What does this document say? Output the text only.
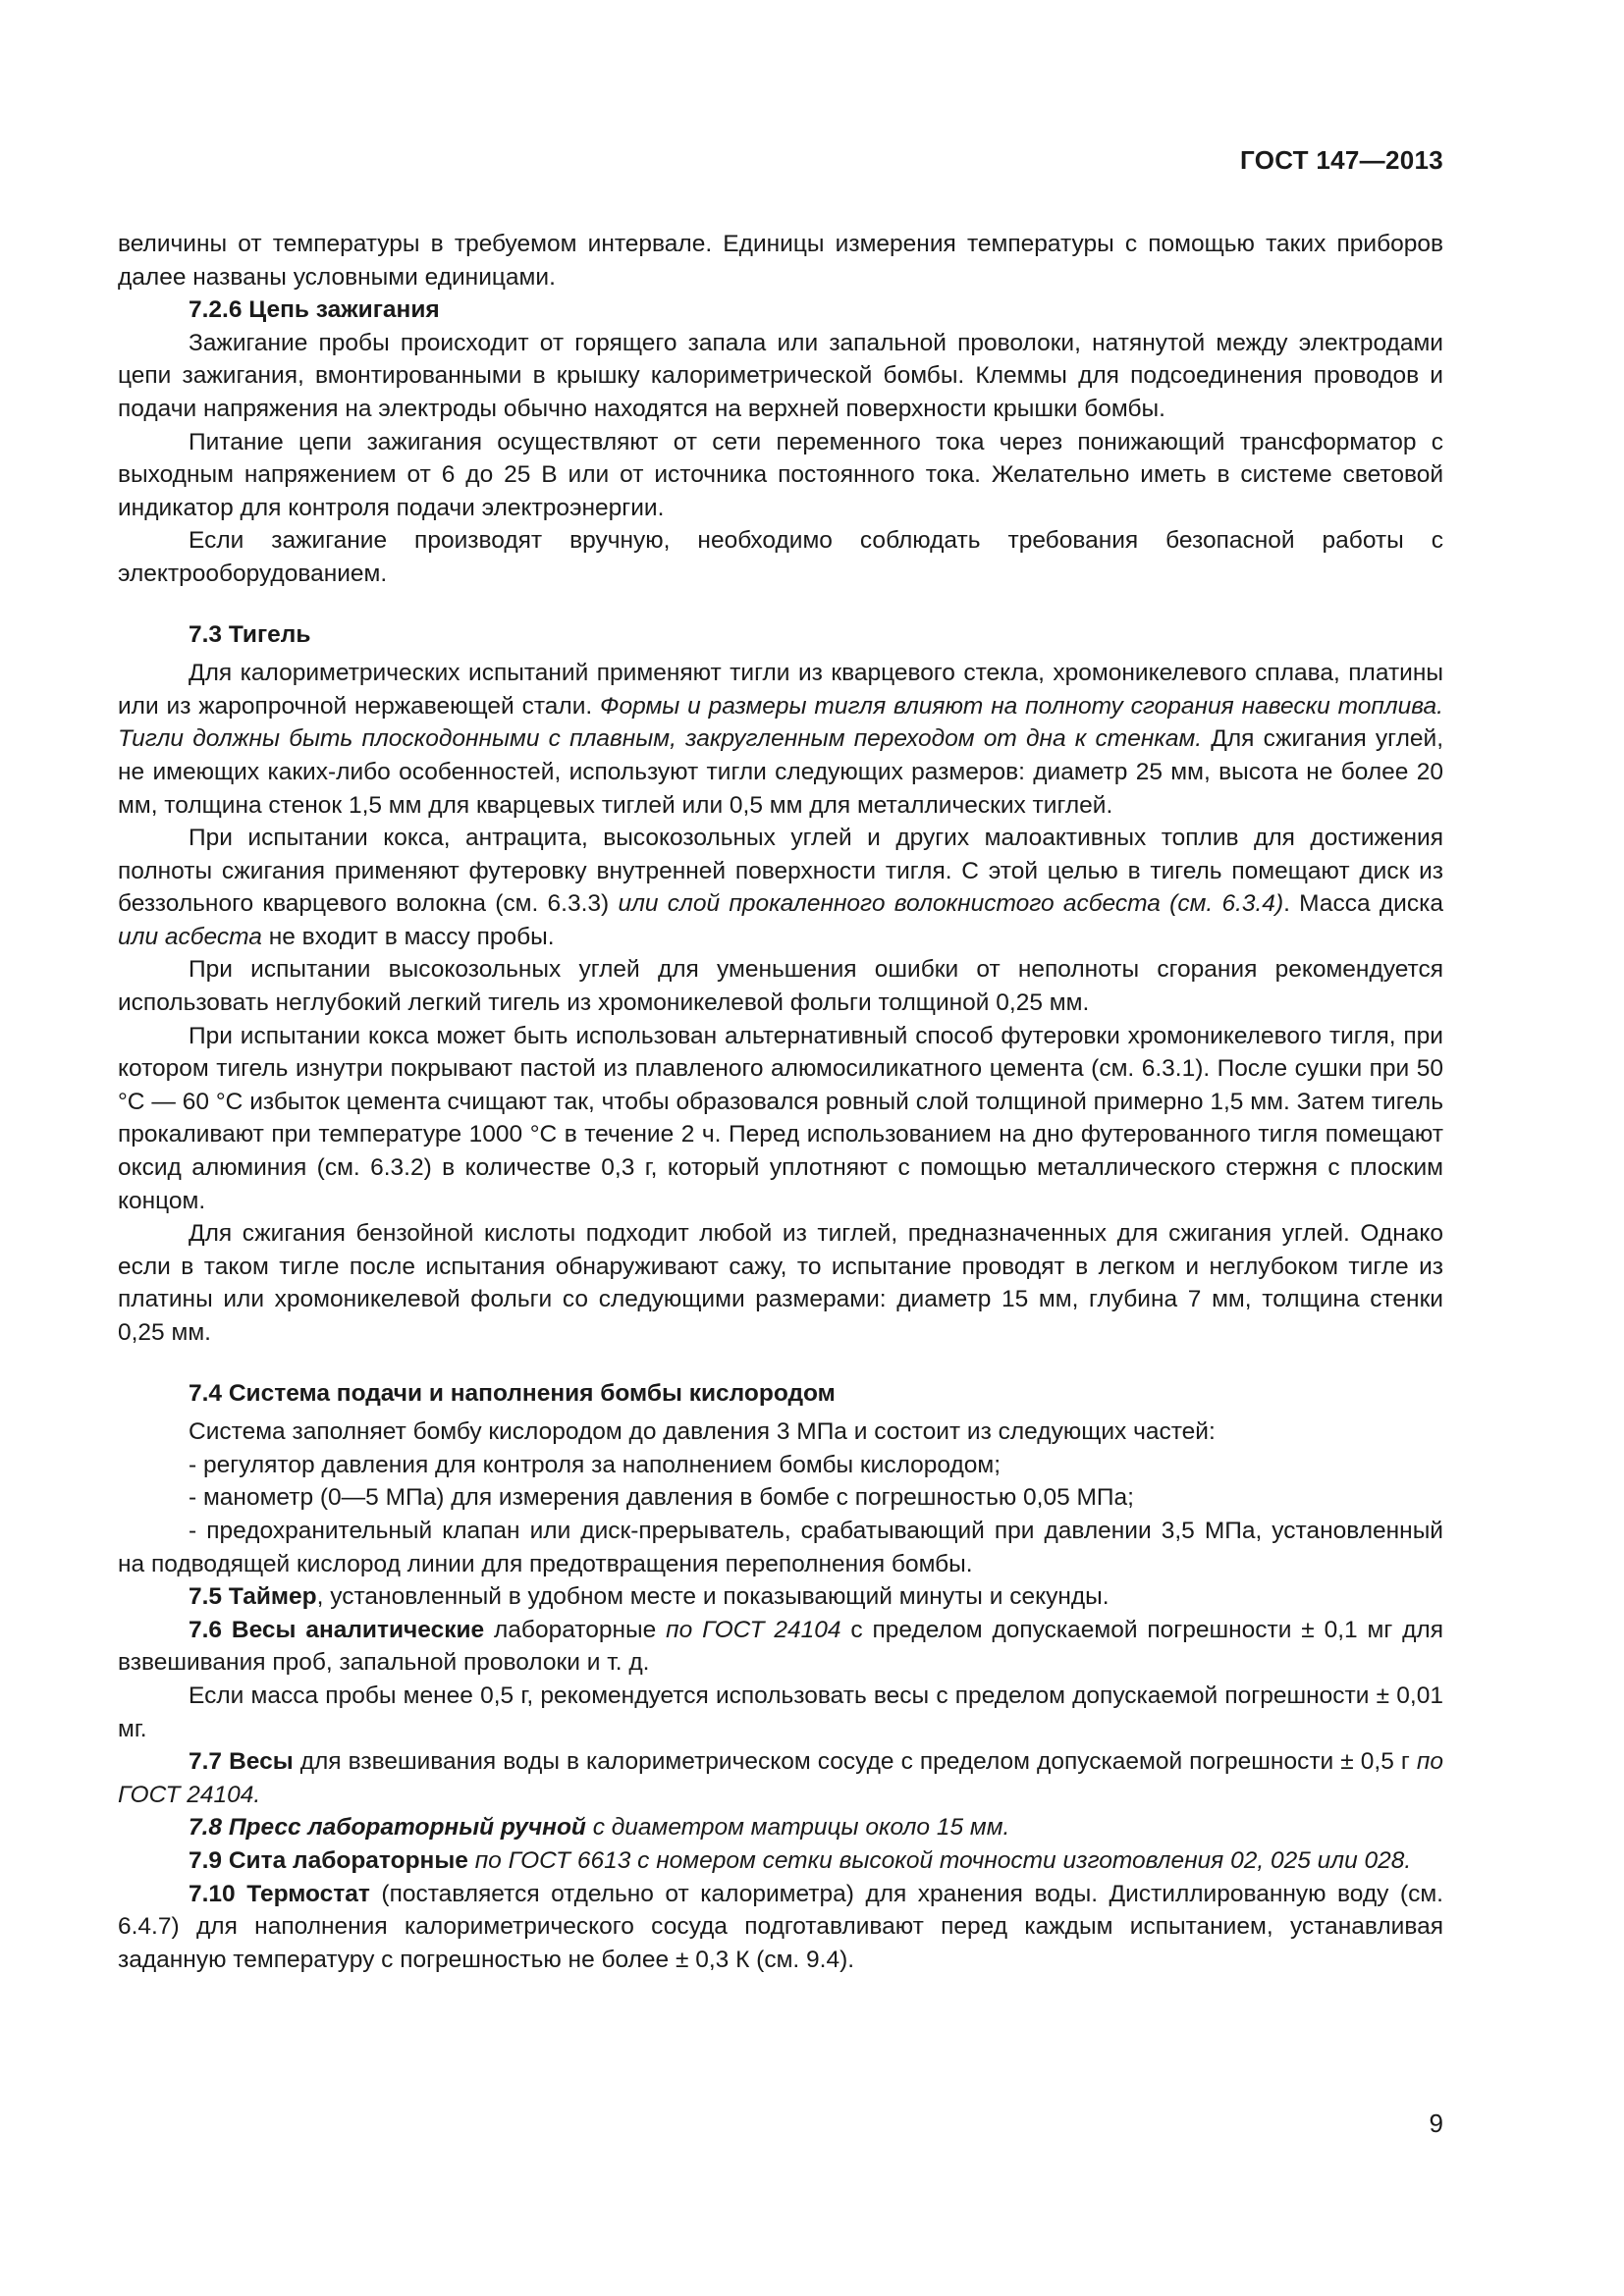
ГОСТ 147—2013

величины от температуры в требуемом интервале. Единицы измерения температуры с помощью таких приборов далее названы условными единицами.

7.2.6 Цепь зажигания

Зажигание пробы происходит от горящего запала или запальной проволоки, натянутой между электродами цепи зажигания, вмонтированными в крышку калориметрической бомбы. Клеммы для подсоединения проводов и подачи напряжения на электроды обычно находятся на верхней поверхности крышки бомбы.

Питание цепи зажигания осуществляют от сети переменного тока через понижающий трансформатор с выходным напряжением от 6 до 25 В или от источника постоянного тока. Желательно иметь в системе световой индикатор для контроля подачи электроэнергии.

Если зажигание производят вручную, необходимо соблюдать требования безопасной работы с электрооборудованием.

7.3 Тигель

Для калориметрических испытаний применяют тигли из кварцевого стекла, хромоникелевого сплава, платины или из жаропрочной нержавеющей стали. Формы и размеры тигля влияют на полноту сгорания навески топлива. Тигли должны быть плоскодонными с плавным, закругленным переходом от дна к стенкам. Для сжигания углей, не имеющих каких-либо особенностей, используют тигли следующих размеров: диаметр 25 мм, высота не более 20 мм, толщина стенок 1,5 мм для кварцевых тиглей или 0,5 мм для металлических тиглей.

При испытании кокса, антрацита, высокозольных углей и других малоактивных топлив для достижения полноты сжигания применяют футеровку внутренней поверхности тигля. С этой целью в тигель помещают диск из беззольного кварцевого волокна (см. 6.3.3) или слой прокаленного волокнистого асбеста (см. 6.3.4). Масса диска или асбеста не входит в массу пробы.

При испытании высокозольных углей для уменьшения ошибки от неполноты сгорания рекомендуется использовать неглубокий легкий тигель из хромоникелевой фольги толщиной 0,25 мм.

При испытании кокса может быть использован альтернативный способ футеровки хромоникелевого тигля, при котором тигель изнутри покрывают пастой из плавленого алюмосиликатного цемента (см. 6.3.1). После сушки при 50 °С — 60 °С избыток цемента счищают так, чтобы образовался ровный слой толщиной примерно 1,5 мм. Затем тигель прокаливают при температуре 1000 °С в течение 2 ч. Перед использованием на дно футерованного тигля помещают оксид алюминия (см. 6.3.2) в количестве 0,3 г, который уплотняют с помощью металлического стержня с плоским концом.

Для сжигания бензойной кислоты подходит любой из тиглей, предназначенных для сжигания углей. Однако если в таком тигле после испытания обнаруживают сажу, то испытание проводят в легком и неглубоком тигле из платины или хромоникелевой фольги со следующими размерами: диаметр 15 мм, глубина 7 мм, толщина стенки 0,25 мм.

7.4 Система подачи и наполнения бомбы кислородом

Система заполняет бомбу кислородом до давления 3 МПа и состоит из следующих частей:

- регулятор давления для контроля за наполнением бомбы кислородом;

- манометр (0—5 МПа) для измерения давления в бомбе с погрешностью 0,05 МПа;

- предохранительный клапан или диск-прерыватель, срабатывающий при давлении 3,5 МПа, установленный на подводящей кислород линии для предотвращения переполнения бомбы.

7.5 Таймер, установленный в удобном месте и показывающий минуты и секунды.

7.6 Весы аналитические лабораторные по ГОСТ 24104 с пределом допускаемой погрешности ± 0,1 мг для взвешивания проб, запальной проволоки и т. д.

Если масса пробы менее 0,5 г, рекомендуется использовать весы с пределом допускаемой погрешности ± 0,01 мг.

7.7 Весы для взвешивания воды в калориметрическом сосуде с пределом допускаемой погрешности ± 0,5 г по ГОСТ 24104.

7.8 Пресс лабораторный ручной с диаметром матрицы около 15 мм.

7.9 Сита лабораторные по ГОСТ 6613 с номером сетки высокой точности изготовления 02, 025 или 028.

7.10 Термостат (поставляется отдельно от калориметра) для хранения воды. Дистиллированную воду (см. 6.4.7) для наполнения калориметрического сосуда подготавливают перед каждым испытанием, устанавливая заданную температуру с погрешностью не более ± 0,3 К (см. 9.4).

9
